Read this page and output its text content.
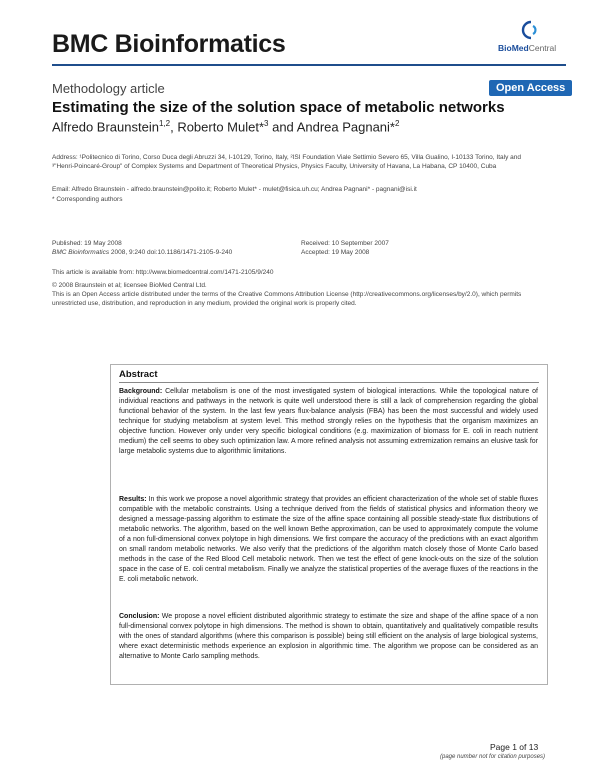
BMC Bioinformatics	BioMedCentral
Methodology article	Open Access
Estimating the size of the solution space of metabolic networks
Alfredo Braunstein$^{1,2}$, Roberto Mulet*$^3$ and Andrea Pagnani*$^2$
Address: ¹Politecnico di Torino, Corso Duca degli Abruzzi 34, I-10129, Torino, Italy, ²ISI Foundation Viale Settimio Severo 65, Villa Gualino, I-10133 Torino, Italy and ³"Henri-Poincaré-Group" of Complex Systems and Department of Theoretical Physics, Physics Faculty, University of Havana, La Habana, CP 10400, Cuba
Email: Alfredo Braunstein - alfredo.braunstein@polito.it; Roberto Mulet* - mulet@fisica.uh.cu; Andrea Pagnani* - pagnani@isi.it
* Corresponding authors
Published: 19 May 2008
BMC Bioinformatics 2008, 9:240 doi:10.1186/1471-2105-9-240
Received: 10 September 2007
Accepted: 19 May 2008
This article is available from: http://www.biomedcentral.com/1471-2105/9/240
© 2008 Braunstein et al; licensee BioMed Central Ltd.
This is an Open Access article distributed under the terms of the Creative Commons Attribution License (http://creativecommons.org/licenses/by/2.0), which permits unrestricted use, distribution, and reproduction in any medium, provided the original work is properly cited.
Abstract

Background: Cellular metabolism is one of the most investigated system of biological interactions. While the topological nature of individual reactions and pathways in the network is quite well understood there is still a lack of comprehension regarding the global functional behavior of the system. In the last few years flux-balance analysis (FBA) has been the most successful and widely used technique for studying metabolism at system level. This method strongly relies on the hypothesis that the organism maximizes an objective function. However only under very specific biological conditions (e.g. maximization of biomass for E. coli in reach nutrient medium) the cell seems to obey such optimization law. A more refined analysis not assuming extremization remains an elusive task for large metabolic systems due to algorithmic limitations.

Results: In this work we propose a novel algorithmic strategy that provides an efficient characterization of the whole set of stable fluxes compatible with the metabolic constraints. Using a technique derived from the fields of statistical physics and information theory we designed a message-passing algorithm to estimate the size of the affine space containing all possible steady-state flux distributions of metabolic networks. The algorithm, based on the well known Bethe approximation, can be used to approximately compute the volume of a non full-dimensional convex polytope in high dimensions. We first compare the accuracy of the predictions with an exact algorithm on small random metabolic networks. We also verify that the predictions of the algorithm match closely those of Monte Carlo based methods in the case of the Red Blood Cell metabolic network. Then we test the effect of gene knock-outs on the size of the solution space in the case of E. coli central metabolism. Finally we analyze the statistical properties of the average fluxes of the reactions in the E. coli metabolic network.

Conclusion: We propose a novel efficient distributed algorithmic strategy to estimate the size and shape of the affine space of a non full-dimensional convex polytope in high dimensions. The method is shown to obtain, quantitatively and qualitatively compatible results with the ones of standard algorithms (where this comparison is possible) being still efficient on the analysis of large biological systems, where exact deterministic methods experience an explosion in algorithmic time. The algorithm we propose can be considered as an alternative to Monte Carlo sampling methods.

Page 1 of 13
(page number not for citation purposes)
